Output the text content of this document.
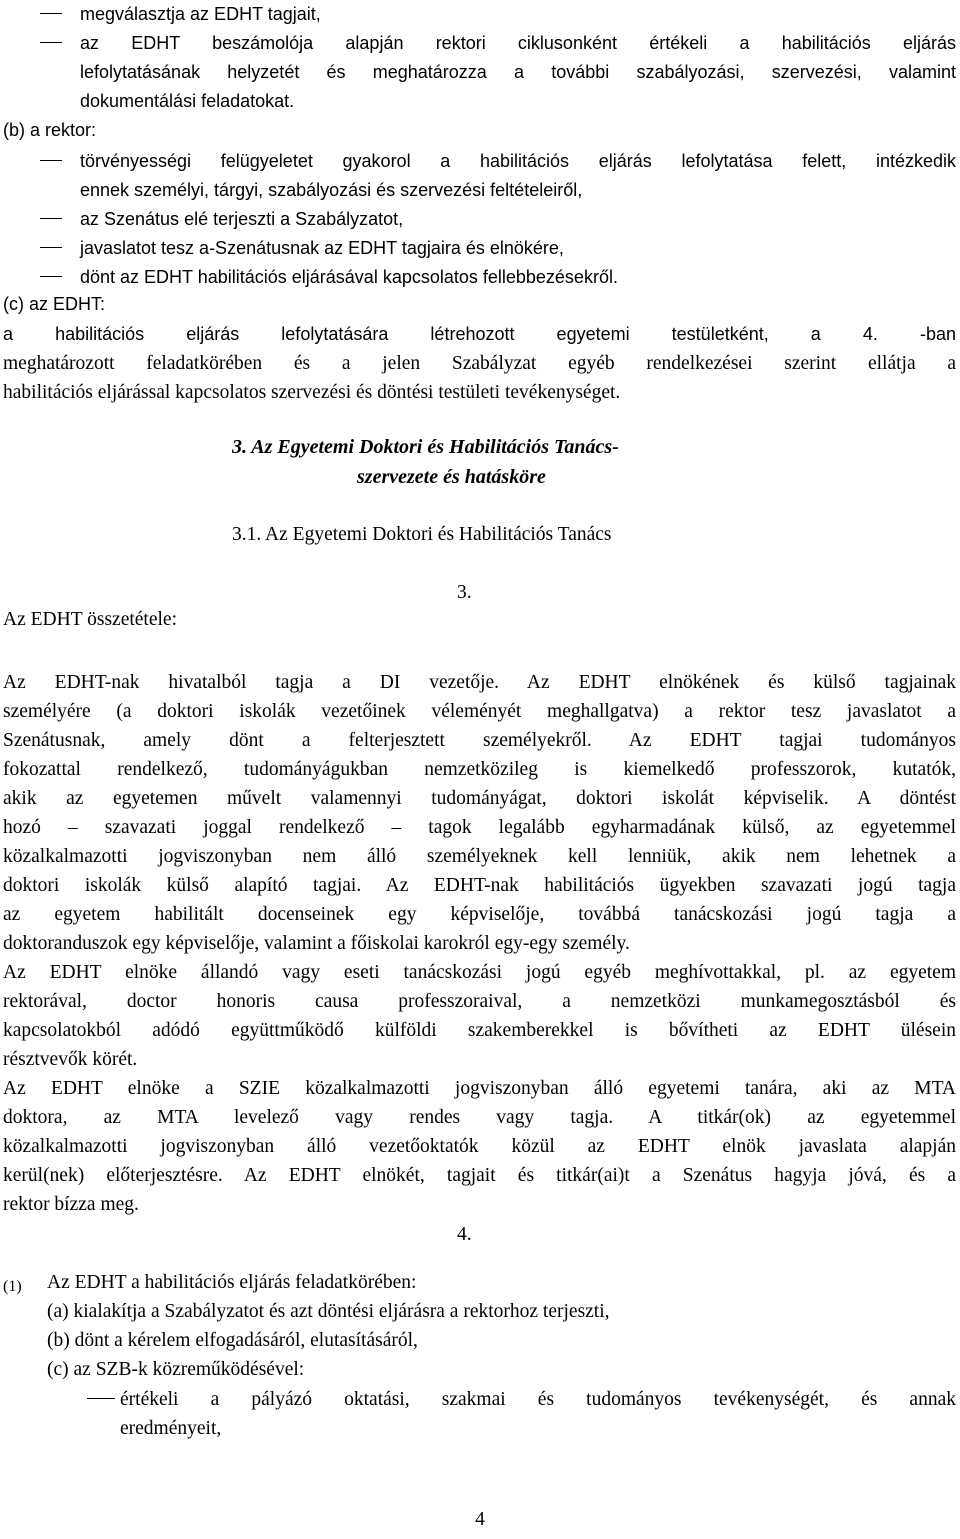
megválasztja az EDHT tagjait,
az EDHT beszámolója alapján rektori ciklusonként értékeli a habilitációs eljárás
lefolytatásának helyzetét és meghatározza a további szabályozási, szervezési, valamint
dokumentálási feladatokat.
(b) a rektor:
törvényességi felügyeletet gyakorol a habilitációs eljárás lefolytatása felett, intézkedik
ennek személyi, tárgyi, szabályozási és szervezési feltételeiről,
az Szenátus elé terjeszti a Szabályzatot,
javaslatot tesz a-Szenátusnak az EDHT tagjaira és elnökére,
dönt az EDHT habilitációs eljárásával kapcsolatos fellebbezésekről.
(c) az EDHT:
a habilitációs eljárás lefolytatására létrehozott egyetemi testületként, a 4. -ban
meghatározott feladatkörében és a jelen Szabályzat egyéb rendelkezései szerint ellátja a
habilitációs eljárással kapcsolatos szervezési és döntési testületi tevékenységet.
3. Az Egyetemi Doktori és Habilitációs Tanács-
szervezete és hatásköre
3.1. Az Egyetemi Doktori és Habilitációs Tanács
3.
Az EDHT összetétele:
Az EDHT-nak hivatalból tagja a DI vezetője. Az EDHT elnökének és külső tagjainak
személyére (a doktori iskolák vezetőinek véleményét meghallgatva) a rektor tesz javaslatot a
Szenátusnak, amely dönt a felterjesztett személyekről. Az EDHT tagjai tudományos
fokozattal rendelkező, tudományágukban nemzetközileg is kiemelkedő professzorok, kutatók,
akik az egyetemen művelt valamennyi tudományágat, doktori iskolát képviselik. A döntést
hozó – szavazati joggal rendelkező – tagok legalább egyharmadának külső, az egyetemmel
közalkalmazotti jogviszonyban nem álló személyeknek kell lenniük, akik nem lehetnek a
doktori iskolák külső alapító tagjai. Az EDHT-nak habilitációs ügyekben szavazati jogú tagja
az egyetem habilitált docenseinek egy képviselője, továbbá tanácskozási jogú tagja a
doktoranduszok egy képviselője, valamint a főiskolai karokról egy-egy személy.
Az EDHT elnöke állandó vagy eseti tanácskozási jogú egyéb meghívottakkal, pl. az egyetem
rektorával, doctor honoris causa professzoraival, a nemzetközi munkamegosztásból és
kapcsolatokból adódó együttműködő külföldi szakemberekkel is bővítheti az EDHT ülésein
résztvevők körét.
Az EDHT elnöke a SZIE közalkalmazotti jogviszonyban álló egyetemi tanára, aki az MTA
doktora, az MTA levelező vagy rendes vagy tagja. A titkár(ok) az egyetemmel
közalkalmazotti jogviszonyban álló vezetőoktatók közül az EDHT elnök javaslata alapján
kerül(nek) előterjesztésre. Az EDHT elnökét, tagjait és titkár(ai)t a Szenátus hagyja jóvá, és a
rektor bízza meg.
4.
(1) Az EDHT a habilitációs eljárás feladatkörében:
(a) kialakítja a Szabályzatot és azt döntési eljárásra a rektorhoz terjeszti,
(b) dönt a kérelem elfogadásáról, elutasításáról,
(c) az SZB-k közreműködésével:
értékeli a pályázó oktatási, szakmai és tudományos tevékenységét, és annak
eredményeit,
4
